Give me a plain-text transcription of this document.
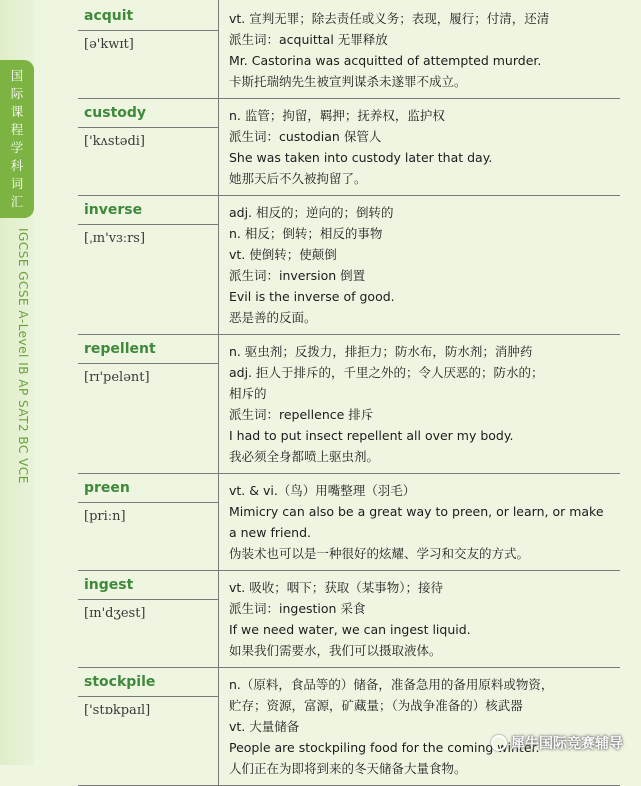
国
际
课
程
学
科
词
汇
IGCSE GCSE A-Level IB AP SAT2 BC VCE
acquit
[ə'kwɪt]
vt. 宣判无罪；除去责任或义务；表现，履行；付清，还清
派生词：acquittal 无罪释放
Mr. Castorina was acquitted of attempted murder.
卡斯托瑞纳先生被宣判谋杀未遂罪不成立。
custody
['kʌstədi]
n. 监管；拘留，羁押；抚养权，监护权
派生词：custodian 保管人
She was taken into custody later that day.
她那天后不久被拘留了。
inverse
[ˌɪn'vɜːrs]
adj. 相反的；逆向的；倒转的
n. 相反；倒转；相反的事物
vt. 使倒转；使颠倒
派生词：inversion 倒置
Evil is the inverse of good.
恶是善的反面。
repellent
[rɪ'pelənt]
n. 驱虫剂；反拨力，排拒力；防水布，防水剂；消肿药
adj. 拒人于排斥的，千里之外的；令人厌恶的；防水的；
相斥的
派生词：repellence 排斥
I had to put insect repellent all over my body.
我必须全身都喷上驱虫剂。
preen
[priːn]
vt. & vi.（鸟）用嘴整理（羽毛）
Mimicry can also be a great way to preen, or learn, or make
a new friend.
伪装术也可以是一种很好的炫耀、学习和交友的方式。
ingest
[ɪn'dʒest]
vt. 吸收；咽下；获取（某事物）；接待
派生词：ingestion 采食
If we need water, we can ingest liquid.
如果我们需要水，我们可以摄取液体。
stockpile
['stɒkpaɪl]
n.（原料，食品等的）储备，准备急用的备用原料或物资，
贮存；资源，富源，矿藏量；（为战争准备的）核武器
vt. 大量储备
People are stockpiling food for the coming winter.
人们正在为即将到来的冬天储备大量食物。
犀牛国际竞赛辅导
